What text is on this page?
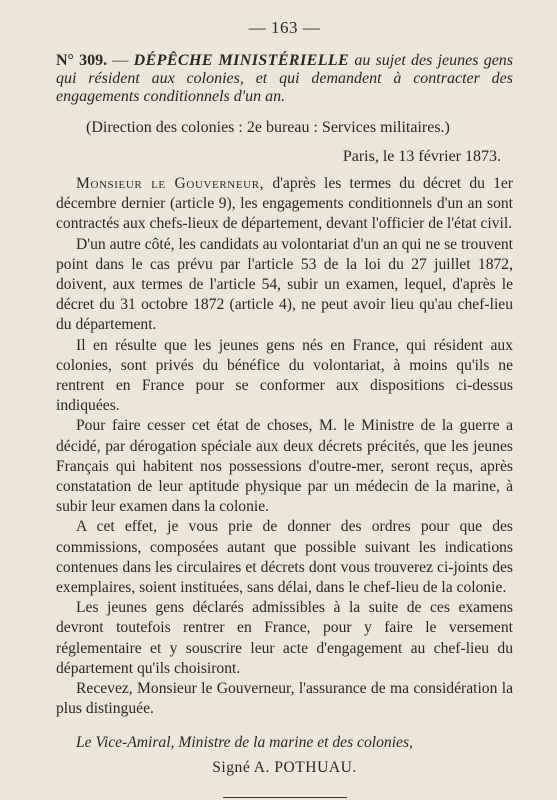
— 163 —
N° 309. — DÉPÊCHE MINISTÉRIELLE au sujet des jeunes gens qui résident aux colonies, et qui demandent à contracter des engagements conditionnels d'un an.
(Direction des colonies : 2e bureau : Services militaires.)
Paris, le 13 février 1873.

Monsieur le Gouverneur, d'après les termes du décret du 1er décembre dernier (article 9), les engagements conditionnels d'un an sont contractés aux chefs-lieux de département, devant l'officier de l'état civil.

D'un autre côté, les candidats au volontariat d'un an qui ne se trouvent point dans le cas prévu par l'article 53 de la loi du 27 juillet 1872, doivent, aux termes de l'article 54, subir un examen, lequel, d'après le décret du 31 octobre 1872 (article 4), ne peut avoir lieu qu'au chef-lieu du département.

Il en résulte que les jeunes gens nés en France, qui résident aux colonies, sont privés du bénéfice du volontariat, à moins qu'ils ne rentrent en France pour se conformer aux dispositions ci-dessus indiquées.

Pour faire cesser cet état de choses, M. le Ministre de la guerre a décidé, par dérogation spéciale aux deux décrets précités, que les jeunes Français qui habitent nos possessions d'outre-mer, seront reçus, après constatation de leur aptitude physique par un médecin de la marine, à subir leur examen dans la colonie.

A cet effet, je vous prie de donner des ordres pour que des commissions, composées autant que possible suivant les indications contenues dans les circulaires et décrets dont vous trouverez ci-joints des exemplaires, soient instituées, sans délai, dans le chef-lieu de la colonie.

Les jeunes gens déclarés admissibles à la suite de ces examens devront toutefois rentrer en France, pour y faire le versement réglementaire et y souscrire leur acte d'engagement au chef-lieu du département qu'ils choisiront.

Recevez, Monsieur le Gouverneur, l'assurance de ma considération la plus distinguée.

Le Vice-Amiral, Ministre de la marine et des colonies,
Signé A. POTHUAU.
